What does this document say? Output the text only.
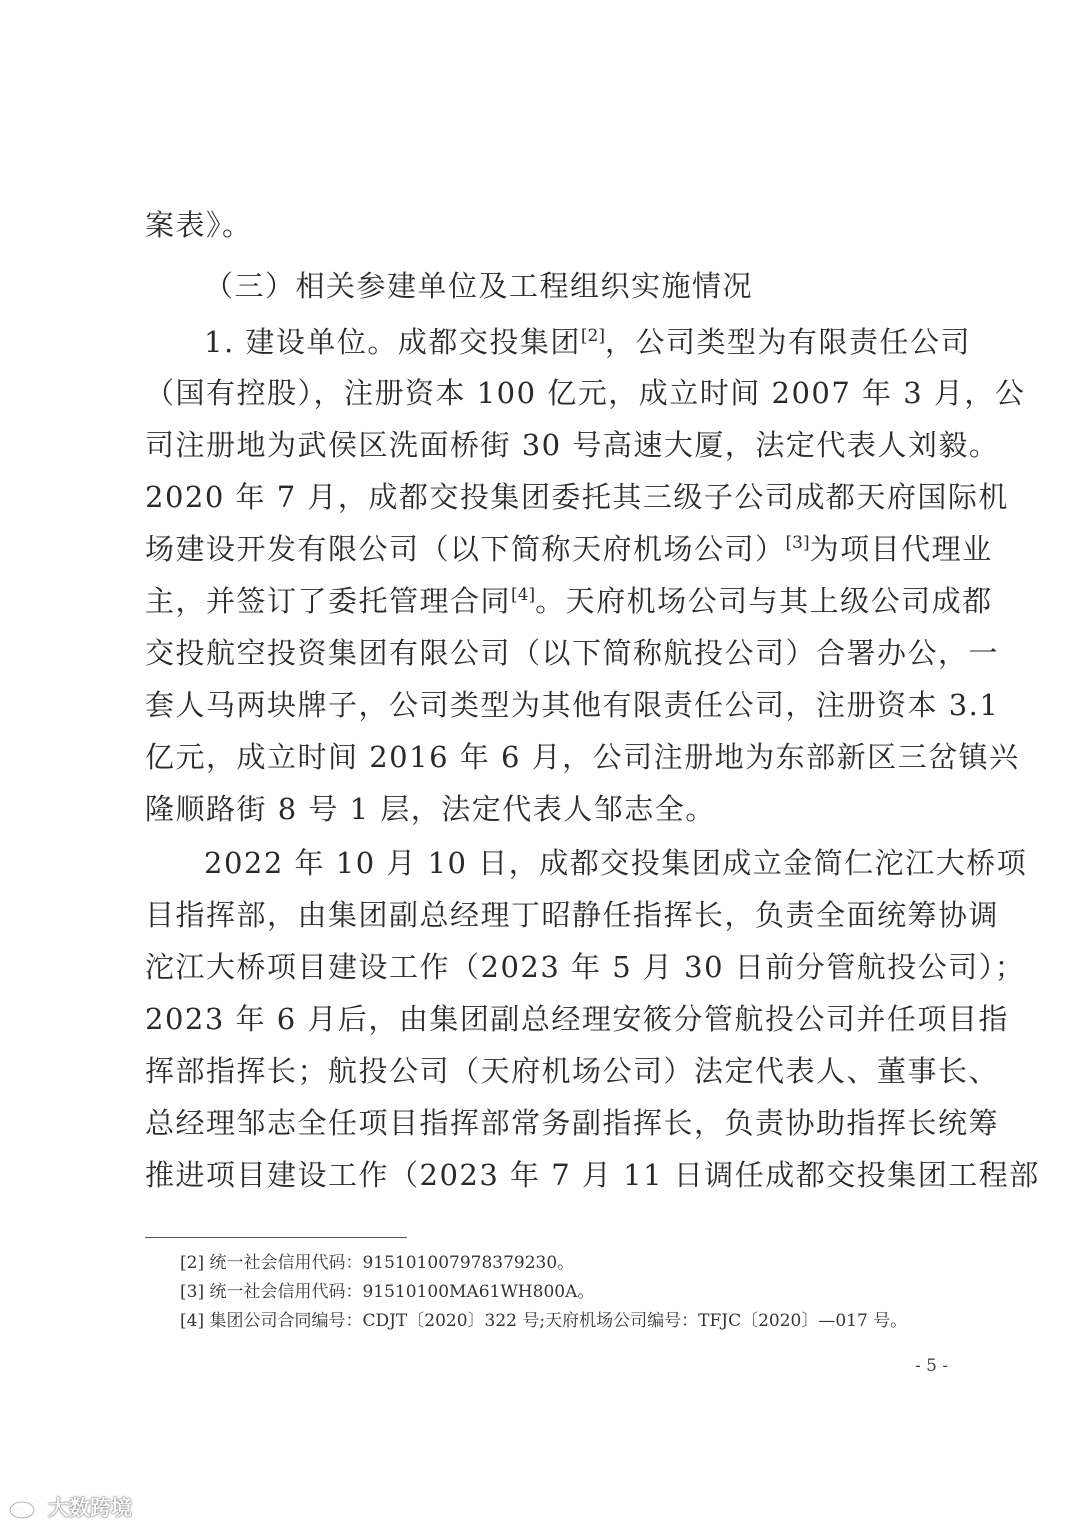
案表》。
（三）相关参建单位及工程组织实施情况
1. 建设单位。成都交投集团[2]，公司类型为有限责任公司
（国有控股），注册资本 100 亿元，成立时间 2007 年 3 月，公
司注册地为武侯区洗面桥街 30 号高速大厦，法定代表人刘毅。
2020 年 7 月，成都交投集团委托其三级子公司成都天府国际机
场建设开发有限公司（以下简称天府机场公司）[3]为项目代理业
主，并签订了委托管理合同[4]。天府机场公司与其上级公司成都
交投航空投资集团有限公司（以下简称航投公司）合署办公，一
套人马两块牌子，公司类型为其他有限责任公司，注册资本 3.1
亿元，成立时间 2016 年 6 月，公司注册地为东部新区三岔镇兴
隆顺路街 8 号 1 层，法定代表人邹志全。
2022 年 10 月 10 日，成都交投集团成立金简仁沱江大桥项
目指挥部，由集团副总经理丁昭静任指挥长，负责全面统筹协调
沱江大桥项目建设工作（2023 年 5 月 30 日前分管航投公司）；
2023 年 6 月后，由集团副总经理安筱分管航投公司并任项目指
挥部指挥长；航投公司（天府机场公司）法定代表人、董事长、
总经理邹志全任项目指挥部常务副指挥长，负责协助指挥长统筹
推进项目建设工作（2023 年 7 月 11 日调任成都交投集团工程部
[2] 统一社会信用代码：915101007978379230。
[3] 统一社会信用代码：91510100MA61WH800A。
[4] 集团公司合同编号：CDJT〔2020〕322 号;天府机场公司编号：TFJC〔2020〕—017 号。
- 5 -
大数跨境
